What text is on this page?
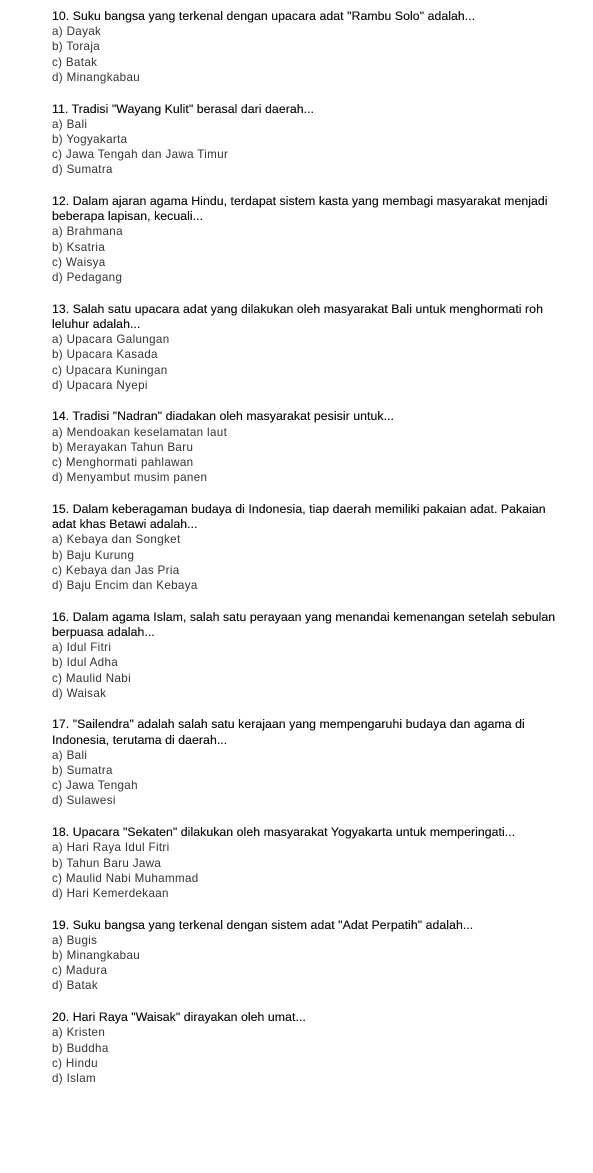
10. Suku bangsa yang terkenal dengan upacara adat "Rambu Solo" adalah...
a) Dayak
b) Toraja
c) Batak
d) Minangkabau
11. Tradisi "Wayang Kulit" berasal dari daerah...
a) Bali
b) Yogyakarta
c) Jawa Tengah dan Jawa Timur
d) Sumatra
12. Dalam ajaran agama Hindu, terdapat sistem kasta yang membagi masyarakat menjadi beberapa lapisan, kecuali...
a) Brahmana
b) Ksatria
c) Waisya
d) Pedagang
13. Salah satu upacara adat yang dilakukan oleh masyarakat Bali untuk menghormati roh leluhur adalah...
a) Upacara Galungan
b) Upacara Kasada
c) Upacara Kuningan
d) Upacara Nyepi
14. Tradisi "Nadran" diadakan oleh masyarakat pesisir untuk...
a) Mendoakan keselamatan laut
b) Merayakan Tahun Baru
c) Menghormati pahlawan
d) Menyambut musim panen
15. Dalam keberagaman budaya di Indonesia, tiap daerah memiliki pakaian adat. Pakaian adat khas Betawi adalah...
a) Kebaya dan Songket
b) Baju Kurung
c) Kebaya dan Jas Pria
d) Baju Encim dan Kebaya
16. Dalam agama Islam, salah satu perayaan yang menandai kemenangan setelah sebulan berpuasa adalah...
a) Idul Fitri
b) Idul Adha
c) Maulid Nabi
d) Waisak
17. "Sailendra" adalah salah satu kerajaan yang mempengaruhi budaya dan agama di Indonesia, terutama di daerah...
a) Bali
b) Sumatra
c) Jawa Tengah
d) Sulawesi
18. Upacara "Sekaten" dilakukan oleh masyarakat Yogyakarta untuk memperingati...
a) Hari Raya Idul Fitri
b) Tahun Baru Jawa
c) Maulid Nabi Muhammad
d) Hari Kemerdekaan
19. Suku bangsa yang terkenal dengan sistem adat "Adat Perpatih" adalah...
a) Bugis
b) Minangkabau
c) Madura
d) Batak
20. Hari Raya "Waisak" dirayakan oleh umat...
a) Kristen
b) Buddha
c) Hindu
d) Islam
